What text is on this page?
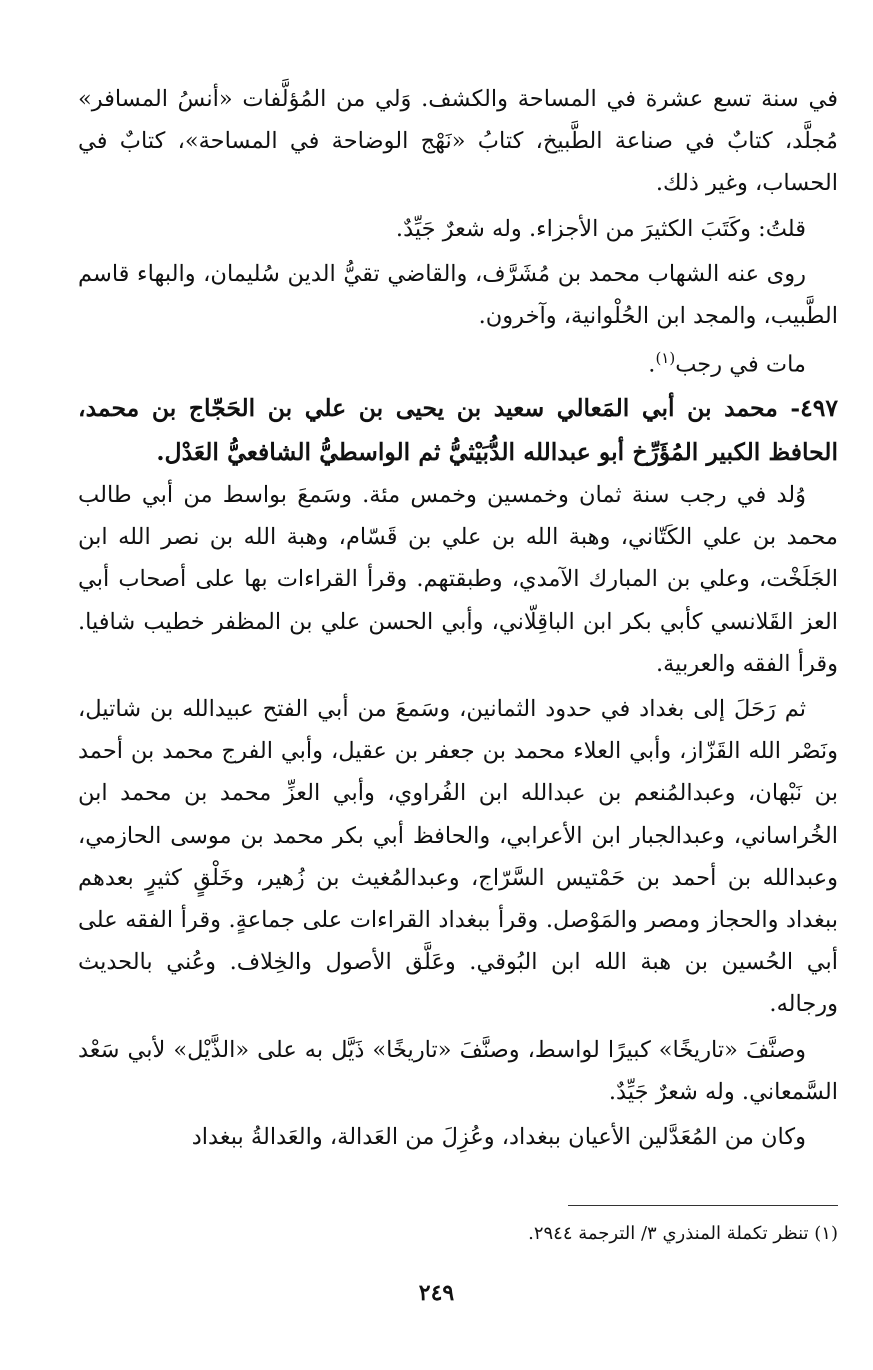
في سنة تسع عشرة في المساحة والكشف. وَلي من المُؤلَّفات «أنسُ المسافر» مُجلَّد، كتابٌ في صناعة الطَّبيخ، كتابُ «نَهْج الوضاحة في المساحة»، كتابٌ في الحساب، وغير ذلك.

قلتُ: وكَتَبَ الكثيرَ من الأجزاء. وله شعرٌ جَيِّدٌ.

روى عنه الشهاب محمد بن مُشَرَّف، والقاضي تقيُّ الدين سُليمان، والبهاء قاسم الطَّبيب، والمجد ابن الحُلْوانية، وآخرون.

مات في رجب$^{(١)}$.

٤٩٧- محمد بن أبي المَعالي سعيد بن يحيى بن علي بن الحَجّاج بن محمد، الحافظ الكبير المُؤَرِّخ أبو عبدالله الدُّبَيْثيُّ ثم الواسطيُّ الشافعيُّ العَدْل.

وُلد في رجب سنة ثمان وخمسين وخمس مئة. وسَمعَ بواسط من أبي طالب محمد بن علي الكَتّاني، وهبة الله بن علي بن قَسّام، وهبة الله بن نصر الله ابن الجَلَخْت، وعلي بن المبارك الآمدي، وطبقتهم. وقرأ القراءات بها على أصحاب أبي العز القَلانسي كأبي بكر ابن الباقِلّاني، وأبي الحسن علي بن المظفر خطيب شافيا. وقرأ الفقه والعربية.

ثم رَحَلَ إلى بغداد في حدود الثمانين، وسَمعَ من أبي الفتح عبيدالله بن شاتيل، ونَصْر الله القَزّاز، وأبي العلاء محمد بن جعفر بن عقيل، وأبي الفرج محمد بن أحمد بن نَبْهان، وعبدالمُنعم بن عبدالله ابن الفُراوي، وأبي العزِّ محمد بن محمد ابن الخُراساني، وعبدالجبار ابن الأعرابي، والحافظ أبي بكر محمد بن موسى الحازمي، وعبدالله بن أحمد بن حَمْتيس السَّرّاج، وعبدالمُغيث بن زُهير، وخَلْقٍ كثيرٍ بعدهم ببغداد والحجاز ومصر والمَوْصل. وقرأ ببغداد القراءات على جماعةٍ. وقرأ الفقه على أبي الحُسين بن هبة الله ابن البُوقي. وعَلَّق الأصول والخِلاف. وعُني بالحديث ورجاله.

وصنَّفَ «تاريخًا» كبيرًا لواسط، وصنَّفَ «تاريخًا» ذَيَّل به على «الذَّيْل» لأبي سَعْد السَّمعاني. وله شعرٌ جَيِّدٌ.

وكان من المُعَدَّلين الأعيان ببغداد، وعُزِلَ من العَدالة، والعَدالةُ ببغداد

(١) تنظر تكملة المنذري ٣/ الترجمة ٢٩٤٤.
٢٤٩
